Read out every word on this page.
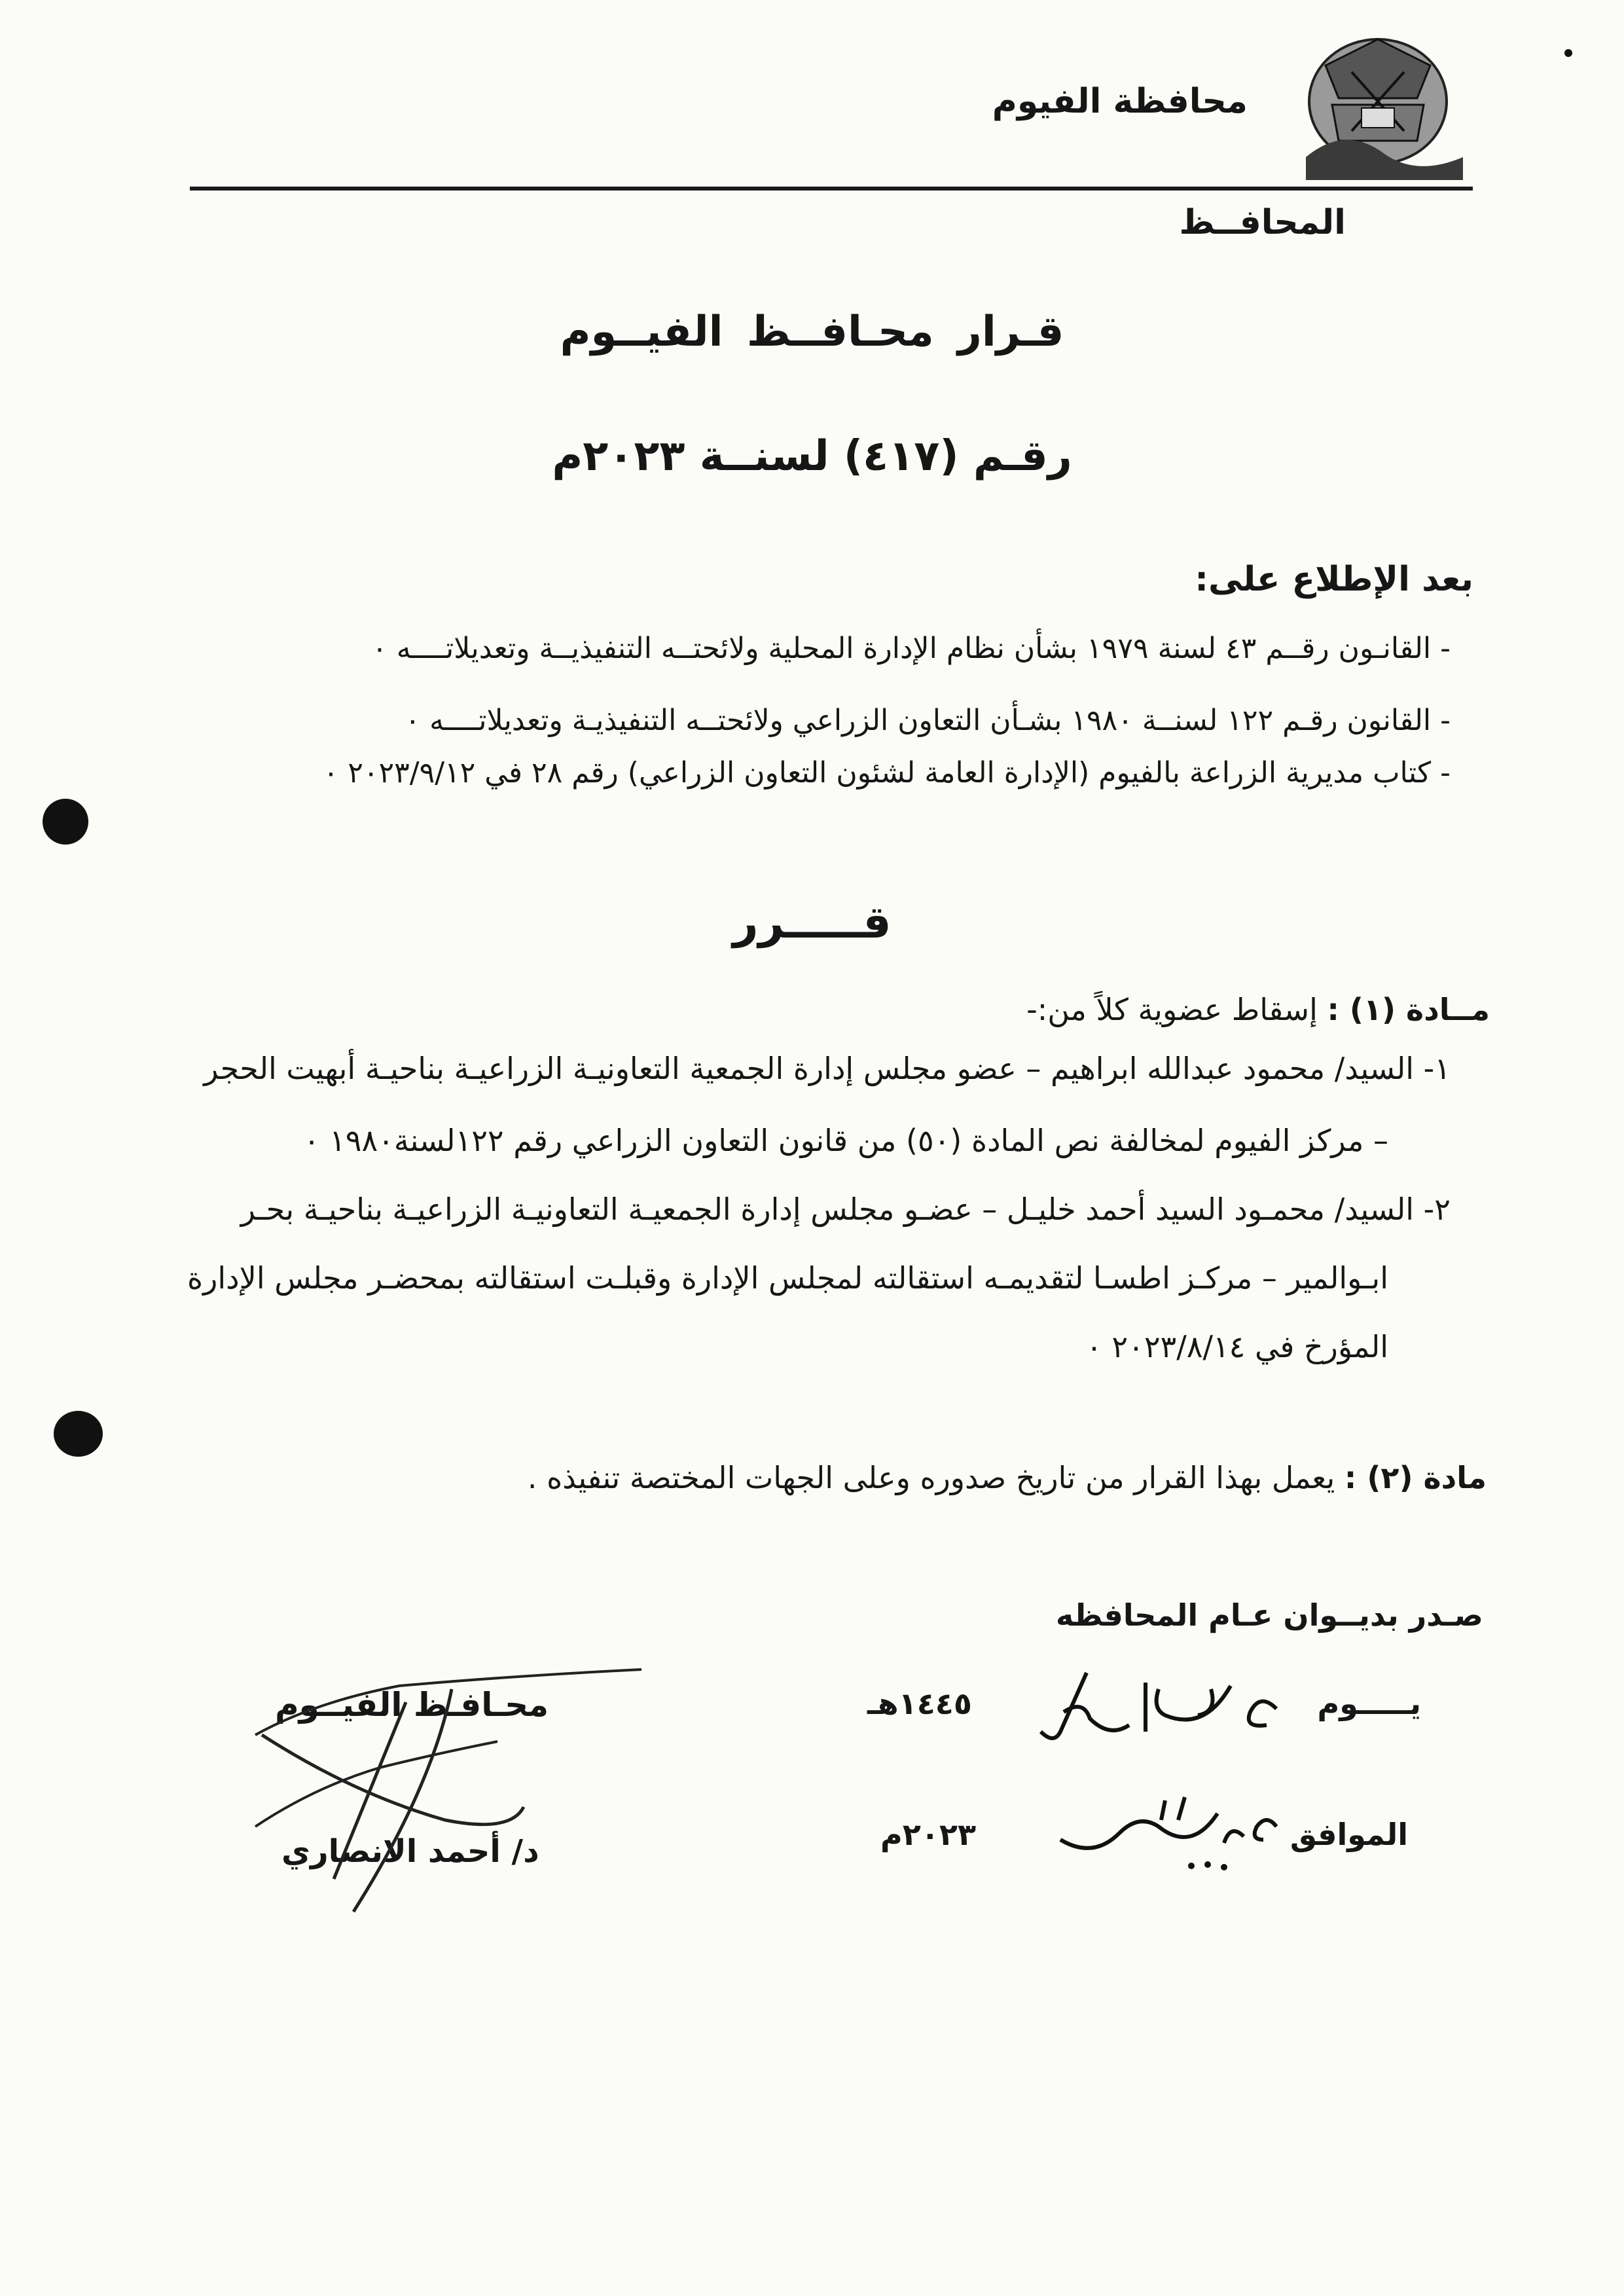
محافظة الفيوم
المحافــظ
قـرار محـافــظ الفيــوم
رقـم (٤١٧) لسنــة ٢٠٢٣م
بعد الإطلاع على:
- القانـون رقــم ٤٣ لسنة ١٩٧٩ بشأن نظام الإدارة المحلية ولائحتــه التنفيذيــة وتعديلاتــــه ٠
- القانون رقـم ١٢٢ لسنــة ١٩٨٠ بشـأن التعاون الزراعي ولائحتــه التنفيذيـة وتعديلاتــــه ٠
- كتاب مديرية الزراعة بالفيوم (الإدارة العامة لشئون التعاون الزراعي) رقم ٢٨ في ٢٠٢٣/٩/١٢ ٠
قـــــرر
مــادة (١) : إسقاط عضوية كلاً من:-
١- السيد/ محمود عبدالله ابراهيم – عضو مجلس إدارة الجمعية التعاونيـة الزراعيـة بناحيـة أبهيت الحجر
– مركز الفيوم لمخالفة نص المادة (٥٠) من قانون التعاون الزراعي رقم ١٢٢لسنة١٩٨٠ ٠
٢- السيد/ محمـود السيد أحمد خليـل – عضـو مجلس إدارة الجمعيـة التعاونيـة الزراعيـة بناحيـة بحـر
ابـوالمير – مركـز اطسـا لتقديمـه استقالته لمجلس الإدارة وقبلـت استقالته بمحضـر مجلس الإدارة
المؤرخ في ٢٠٢٣/٨/١٤ ٠
مادة (٢) : يعمل بهذا القرار من تاريخ صدوره وعلى الجهات المختصة تنفيذه .
صـدر بديــوان عـام المحافظه
يـــــوم
١٤٤٥هـ
الموافق
٢٠٢٣م
محـافـظ الفيــوم
د/ أحمد الانصاري
